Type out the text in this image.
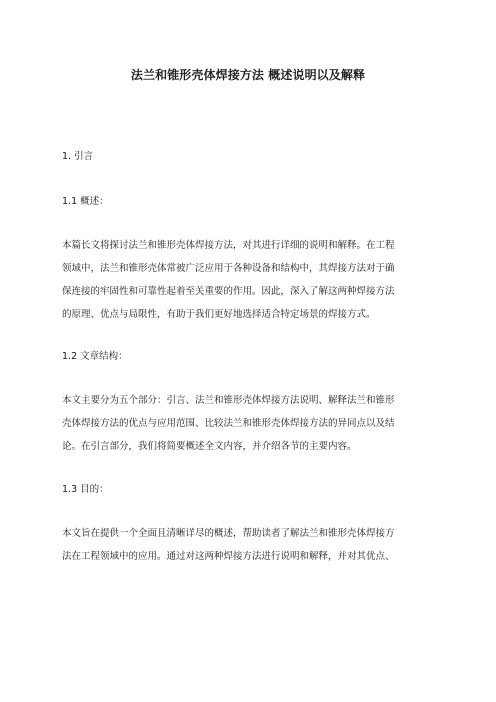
法兰和锥形壳体焊接方法 概述说明以及解释
1. 引言
1.1 概述：
本篇长文将探讨法兰和锥形壳体焊接方法，对其进行详细的说明和解释。在工程
领域中，法兰和锥形壳体常被广泛应用于各种设备和结构中，其焊接方法对于确
保连接的牢固性和可靠性起着至关重要的作用。因此，深入了解这两种焊接方法
的原理、优点与局限性，有助于我们更好地选择适合特定场景的焊接方式。
1.2 文章结构：
本文主要分为五个部分：引言、法兰和锥形壳体焊接方法说明、解释法兰和锥形
壳体焊接方法的优点与应用范围、比较法兰和锥形壳体焊接方法的异同点以及结
论。在引言部分，我们将简要概述全文内容，并介绍各节的主要内容。
1.3 目的：
本文旨在提供一个全面且清晰详尽的概述，帮助读者了解法兰和锥形壳体焊接方
法在工程领域中的应用。通过对这两种焊接方法进行说明和解释，并对其优点、
